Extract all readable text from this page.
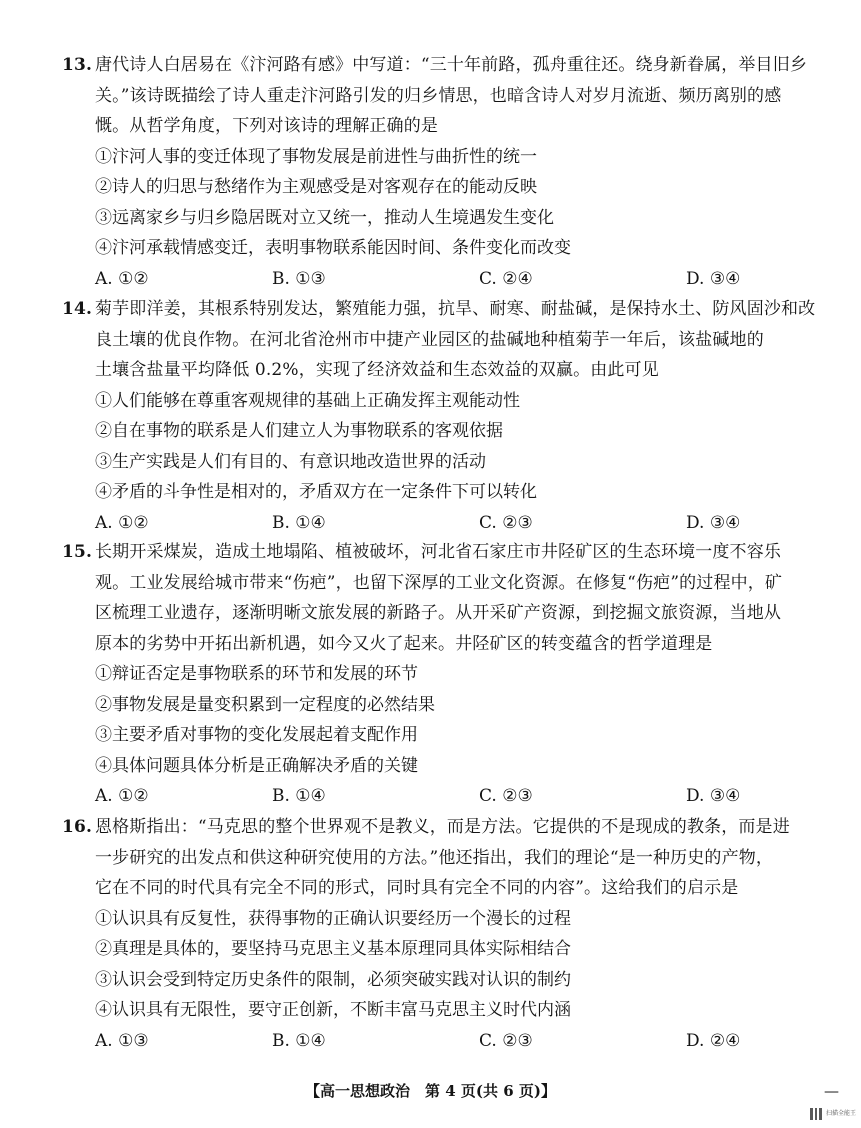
13. 唐代诗人白居易在《汴河路有感》中写道：“三十年前路，孤舟重往还。绕身新眷属，举目旧乡
关。”该诗既描绘了诗人重走汴河路引发的归乡情思，也暗含诗人对岁月流逝、频历离别的感
慨。从哲学角度，下列对该诗的理解正确的是
①汴河人事的变迁体现了事物发展是前进性与曲折性的统一
②诗人的归思与愁绪作为主观感受是对客观存在的能动反映
③远离家乡与归乡隐居既对立又统一，推动人生境遇发生变化
④汴河承载情感变迁，表明事物联系能因时间、条件变化而改变
A. ①②	B. ①③	C. ②④	D. ③④
14. 菊芋即洋姜，其根系特别发达，繁殖能力强，抗旱、耐寒、耐盐碱，是保持水土、防风固沙和改
良土壤的优良作物。在河北省沧州市中捷产业园区的盐碱地种植菊芋一年后，该盐碱地的
土壤含盐量平均降低 0.2%，实现了经济效益和生态效益的双赢。由此可见
①人们能够在尊重客观规律的基础上正确发挥主观能动性
②自在事物的联系是人们建立人为事物联系的客观依据
③生产实践是人们有目的、有意识地改造世界的活动
④矛盾的斗争性是相对的，矛盾双方在一定条件下可以转化
A. ①②	B. ①④	C. ②③	D. ③④
15. 长期开采煤炭，造成土地塌陷、植被破坏，河北省石家庄市井陉矿区的生态环境一度不容乐
观。工业发展给城市带来“伤疤”，也留下深厚的工业文化资源。在修复“伤疤”的过程中，矿
区梳理工业遗存，逐渐明晰文旅发展的新路子。从开采矿产资源，到挖掘文旅资源，当地从
原本的劣势中开拓出新机遇，如今又火了起来。井陉矿区的转变蕴含的哲学道理是
①辩证否定是事物联系的环节和发展的环节
②事物发展是量变积累到一定程度的必然结果
③主要矛盾对事物的变化发展起着支配作用
④具体问题具体分析是正确解决矛盾的关键
A. ①②	B. ①④	C. ②③	D. ③④
16. 恩格斯指出：“马克思的整个世界观不是教义，而是方法。它提供的不是现成的教条，而是进
一步研究的出发点和供这种研究使用的方法。”他还指出，我们的理论“是一种历史的产物，
它在不同的时代具有完全不同的形式，同时具有完全不同的内容”。这给我们的启示是
①认识具有反复性，获得事物的正确认识要经历一个漫长的过程
②真理是具体的，要坚持马克思主义基本原理同具体实际相结合
③认识会受到特定历史条件的限制，必须突破实践对认识的制约
④认识具有无限性，要守正创新，不断丰富马克思主义时代内涵
A. ①③	B. ①④	C. ②③	D. ②④
【高一思想政治　第 4 页(共 6 页)】	—
扫描全能王
